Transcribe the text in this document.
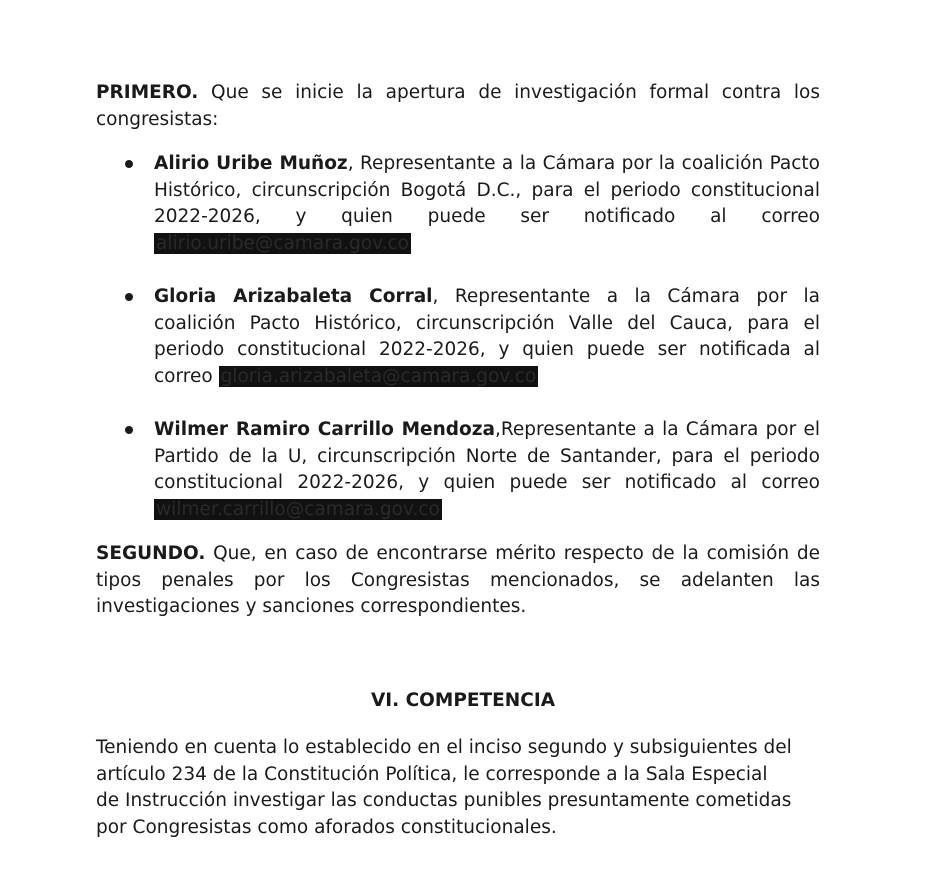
PRIMERO. Que se inicie la apertura de investigación formal contra los congresistas:
Alirio Uribe Muñoz, Representante a la Cámara por la coalición Pacto Histórico, circunscripción Bogotá D.C., para el periodo constitucional 2022-2026, y quien puede ser notificado al correo alirio.uribe@camara.gov.co
Gloria Arizabaleta Corral, Representante a la Cámara por la coalición Pacto Histórico, circunscripción Valle del Cauca, para el periodo constitucional 2022-2026, y quien puede ser notificada al correo gloria.arizabaleta@camara.gov.co
Wilmer Ramiro Carrillo Mendoza,Representante a la Cámara por el Partido de la U, circunscripción Norte de Santander, para el periodo constitucional 2022-2026, y quien puede ser notificado al correo wilmer.carrillo@camara.gov.co
SEGUNDO. Que, en caso de encontrarse mérito respecto de la comisión de tipos penales por los Congresistas mencionados, se adelanten las investigaciones y sanciones correspondientes.
VI. COMPETENCIA
Teniendo en cuenta lo establecido en el inciso segundo y subsiguientes del artículo 234 de la Constitución Política, le corresponde a la Sala Especial de Instrucción investigar las conductas punibles presuntamente cometidas por Congresistas como aforados constitucionales.
